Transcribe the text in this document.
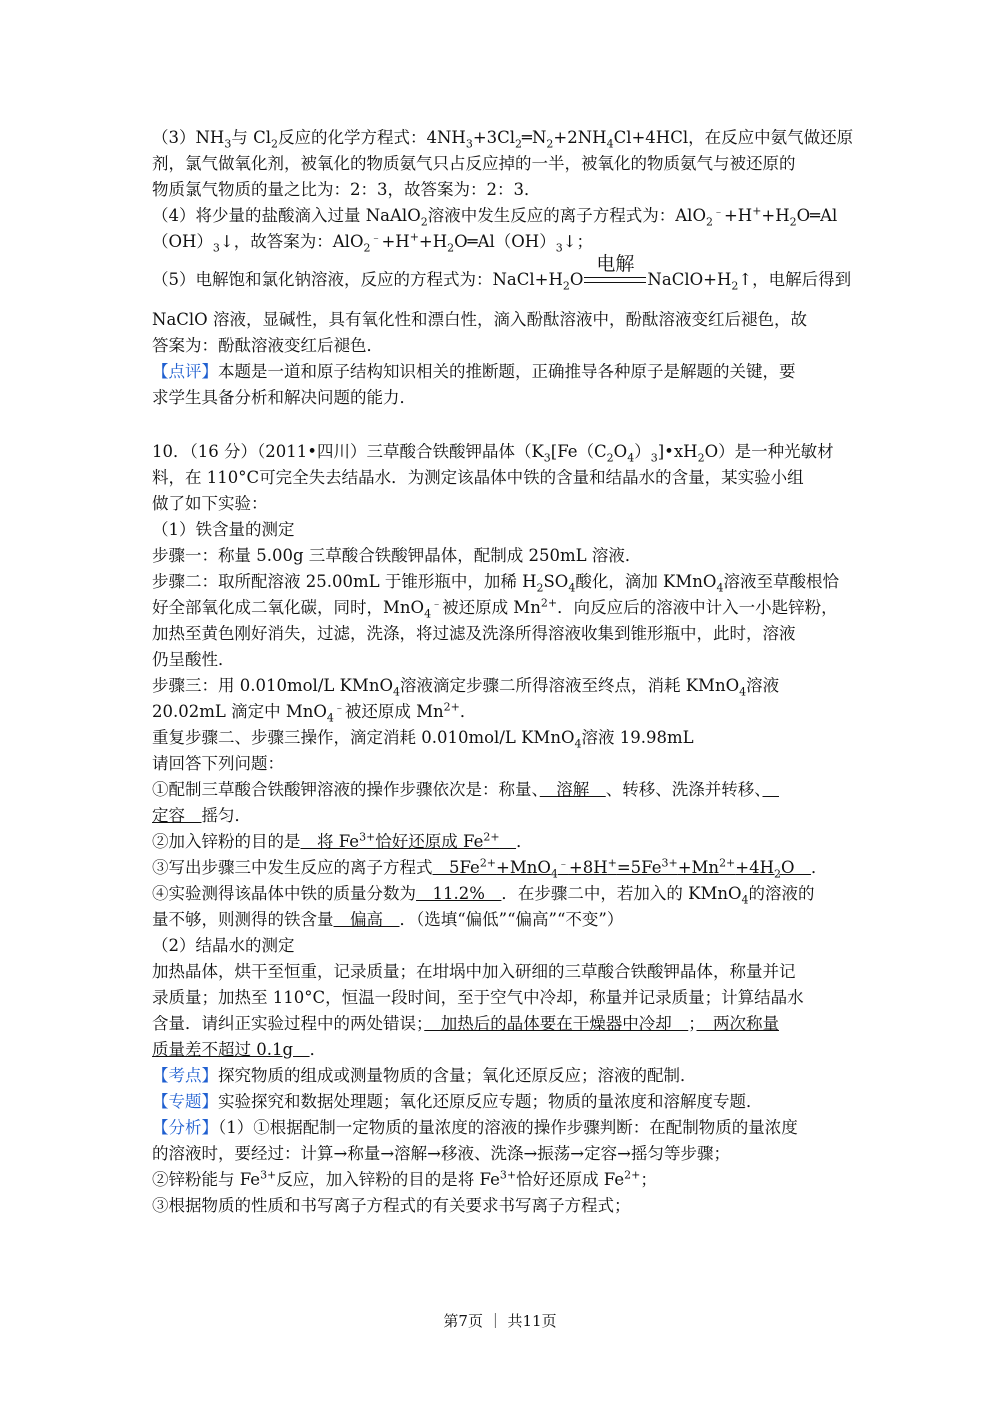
$(3)NH_3$与 $Cl_2$反应的化学方程式：$4NH_3+3Cl_2═N_2+2NH_4Cl+4HCl$，在反应中氨气做还原
剂，氯气做氧化剂，被氧化的物质氨气只占反应掉的一半，被氧化的物质氨气与被还原的
物质氯气物质的量之比为：2：3，故答案为：2：3．
（4）将少量的盐酸滴入过量 NaAlO$_2$溶液中发生反应的离子方程式为：$AlO_2^﹣+H^++H_2O═Al$
$(OH)_3↓$，故答案为：$AlO_2^﹣+H^++H_2O═Al(OH)_3↓$；
（5）电解饱和氯化钠溶液，反应的方程式为：$NaCl+H_2O$
电解
$NaClO+H_2↑$，电解后得到
NaClO 溶液，显碱性，具有氧化性和漂白性，滴入酚酞溶液中，酚酞溶液变红后褪色，故
答案为：酚酞溶液变红后褪色．
【点评】本题是一道和原子结构知识相关的推断题，正确推导各种原子是解题的关键，要
求学生具备分析和解决问题的能力．
10．（16 分）（2011•四川）三草酸合铁酸钾晶体$(K_3[Fe(C_2O_4)_3]•xH_2O)$是一种光敏材
料，在 110°C可完全失去结晶水．为测定该晶体中铁的含量和结晶水的含量，某实验小组
做了如下实验：
（1）铁含量的测定
步骤一：称量 5.00g 三草酸合铁酸钾晶体，配制成 250mL 溶液．
步骤二：取所配溶液 25.00mL 于锥形瓶中，加稀 $H_2SO_4$酸化，滴加 KMnO$_4$溶液至草酸根恰
好全部氧化成二氧化碳，同时，MnO$_4$﹣被还原成 $Mn^{2+}$．向反应后的溶液中计入一小匙锌粉，
加热至黄色刚好消失，过滤，洗涤，将过滤及洗涤所得溶液收集到锥形瓶中，此时，溶液
仍呈酸性．
步骤三：用 0.010mol/L KMnO$_4$溶液滴定步骤二所得溶液至终点，消耗 KMnO$_4$溶液
20.02mL 滴定中 MnO$_4$﹣被还原成 $Mn^{2+}$．
重复步骤二、步骤三操作，滴定消耗 0.010mol/L KMnO$_4$溶液 19.98mL
请回答下列问题：
①配制三草酸合铁酸钾溶液的操作步骤依次是：称量、　溶解　、转移、洗涤并转移、　
定容　摇匀．
②加入锌粉的目的是　将 $Fe^{3+}$恰好还原成 $Fe^{2+}$　 ．
③写出步骤三中发生反应的离子方程式　$5Fe^{2+}+MnO_4^﹣+8H^+=5Fe^{3+}+Mn^{2+}+4H_2O$　．
④实验测得该晶体中铁的质量分数为　11.2%　．在步骤二中，若加入的 KMnO$_4$的溶液的
量不够，则测得的铁含量　偏高　．（选填“偏低”“偏高”“不变”）
（2）结晶水的测定
加热晶体，烘干至恒重，记录质量；在坩埚中加入研细的三草酸合铁酸钾晶体，称量并记
录质量；加热至 110°C，恒温一段时间，至于空气中冷却，称量并记录质量；计算结晶水
含量．请纠正实验过程中的两处错误；　加热后的晶体要在干燥器中冷却　；　两次称量
质量差不超过 0.1g　．
【考点】探究物质的组成或测量物质的含量；氧化还原反应；溶液的配制．
【专题】实验探究和数据处理题；氧化还原反应专题；物质的量浓度和溶解度专题．
【分析】（1）①根据配制一定物质的量浓度的溶液的操作步骤判断：在配制物质的量浓度
的溶液时，要经过：计算→称量→溶解→移液、洗涤→振荡→定容→摇匀等步骤；
②锌粉能与 $Fe^{3+}$反应，加入锌粉的目的是将 $Fe^{3+}$恰好还原成 $Fe^{2+}$；
③根据物质的性质和书写离子方程式的有关要求书写离子方程式；
第7页 ｜ 共11页
